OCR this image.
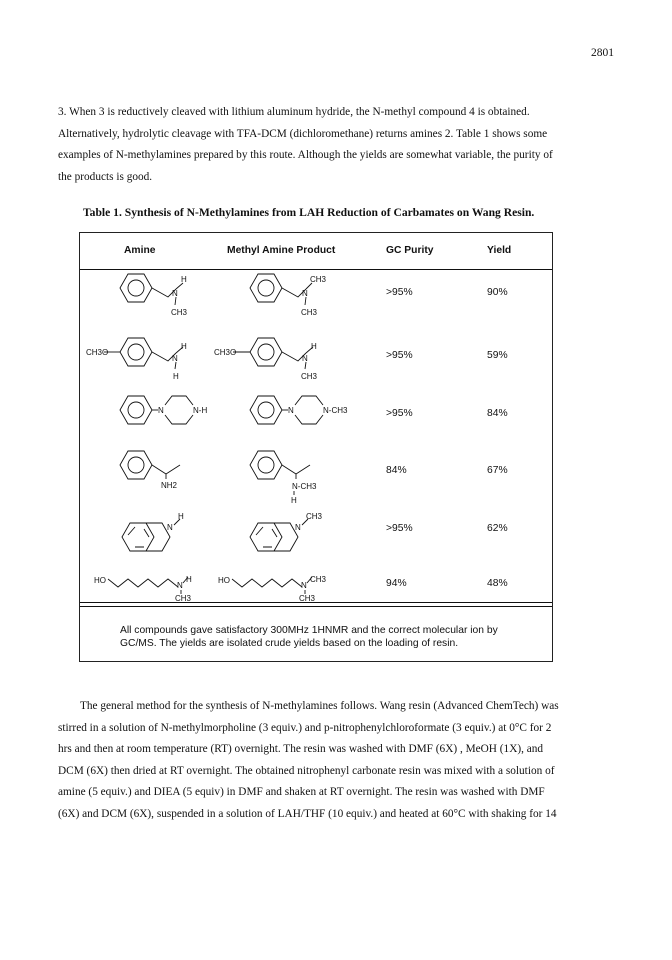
2801

3. When 3 is reductively cleaved with lithium aluminum hydride, the N-methyl compound 4 is obtained.
Alternatively, hydrolytic cleavage with TFA-DCM (dichloromethane) returns amines 2. Table 1 shows some
examples of N-methylamines prepared by this route. Although the yields are somewhat variable, the purity of
the products is good.

Table 1. Synthesis of N-Methylamines from LAH Reduction of Carbamates on Wang Resin.

Amine	Methyl Amine Product	GC Purity	Yield
>95%	90%
>95%	59%
>95%	84%
84%	67%
>95%	62%
94%	48%
H
N
CH3
CH3
N
CH3
CH3O
H
N
H
CH3O
H
N
CH3
N	N-H	N	N-CH3
NH2	N-CH3
H
N
H
N
CH3
HO
N
H
CH3
HO
N
CH3
CH3

All compounds gave satisfactory 300MHz 1HNMR and the correct molecular ion by GC/MS. The yields are isolated crude yields based on the loading of resin.

The general method for the synthesis of N-methylamines follows. Wang resin (Advanced ChemTech) was
stirred in a solution of N-methylmorpholine (3 equiv.) and p-nitrophenylchloroformate (3 equiv.) at 0°C for 2
hrs and then at room temperature (RT) overnight. The resin was washed with DMF (6X) , MeOH (1X), and
DCM (6X) then dried at RT overnight. The obtained nitrophenyl carbonate resin was mixed with a solution of
amine (5 equiv.) and DIEA (5 equiv) in DMF and shaken at RT overnight. The resin was washed with DMF
(6X) and DCM (6X), suspended in a solution of LAH/THF (10 equiv.) and heated at 60°C with shaking for 14
